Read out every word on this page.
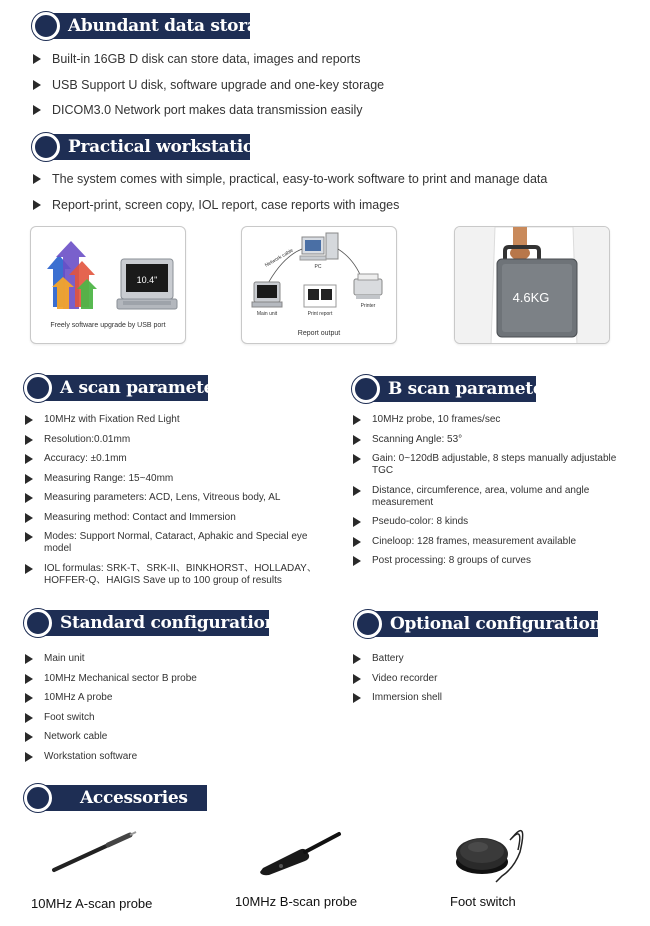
Abundant data storage
Built-in 16GB D disk can store data, images and reports
USB Support U disk, software upgrade and one-key storage
DICOM3.0 Network port makes data transmission easily
Practical workstation
The system comes with simple, practical, easy-to-work software to print and manage data
Report-print, screen copy, IOL report, case reports with images
10.4"
Freely software upgrade by USB port
PC
Network cable
Main unit	Print report
Printer
Report output
4.6KG
A scan parameter
10MHz with Fixation Red Light
Resolution:0.01mm
Accuracy: ±0.1mm
Measuring Range: 15~40mm
Measuring parameters: ACD, Lens, Vitreous body, AL
Measuring method: Contact and Immersion
Modes: Support Normal, Cataract, Aphakic and Special eye model
IOL formulas: SRK-T、SRK-II、BINKHORST、HOLLADAY、HOFFER-Q、HAIGIS Save up to 100 group of results
B scan parameter
10MHz probe, 10 frames/sec
Scanning Angle: 53°
Gain: 0~120dB adjustable, 8 steps manually adjustable TGC
Distance, circumference, area, volume and angle measurement
Pseudo-color: 8 kinds
Cineloop: 128 frames, measurement available
Post processing: 8 groups of curves
Standard configuration
Main unit
10MHz Mechanical sector B probe
10MHz A probe
Foot switch
Network cable
Workstation software
Optional configuration
Battery
Video recorder
Immersion shell
Accessories
10MHz A-scan probe	10MHz B-scan probe	Foot switch
